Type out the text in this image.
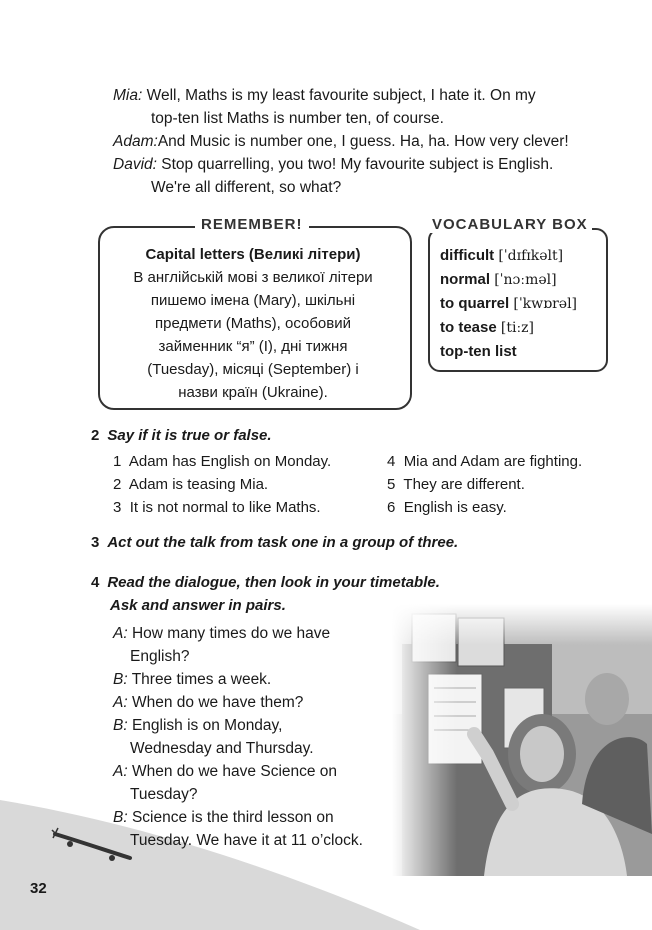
Mia: Well, Maths is my least favourite subject, I hate it. On my
top-ten list Maths is number ten, of course.
Adam:And Music is number one, I guess. Ha, ha. How very clever!
David: Stop quarrelling, you two! My favourite subject is English.
We're all different, so what?
REMEMBER!
Capital letters (Великі літери)
В англійській мові з великої літери
пишемо імена (Mary), шкільні
предмети (Maths), особовий
займенник “я” (I), дні тижня
(Tuesday), місяці (September) і
назви країн (Ukraine).
VOCABULARY BOX
difficult [ˈdɪfɪkəlt]
normal [ˈnɔːməl]
to quarrel [ˈkwɒrəl]
to tease [tiːz]
top-ten list
2 Say if it is true or false.
1 Adam has English on Monday.
2 Adam is teasing Mia.
3 It is not normal to like Maths.
4 Mia and Adam are fighting.
5 They are different.
6 English is easy.
3 Act out the talk from task one in a group of three.
4 Read the dialogue, then look in your timetable.
Ask and answer in pairs.
A: How many times do we have
English?
B: Three times a week.
A: When do we have them?
B: English is on Monday,
Wednesday and Thursday.
A: When do we have Science on
Tuesday?
B: Science is the third lesson on
Tuesday. We have it at 11 o’clock.
32
